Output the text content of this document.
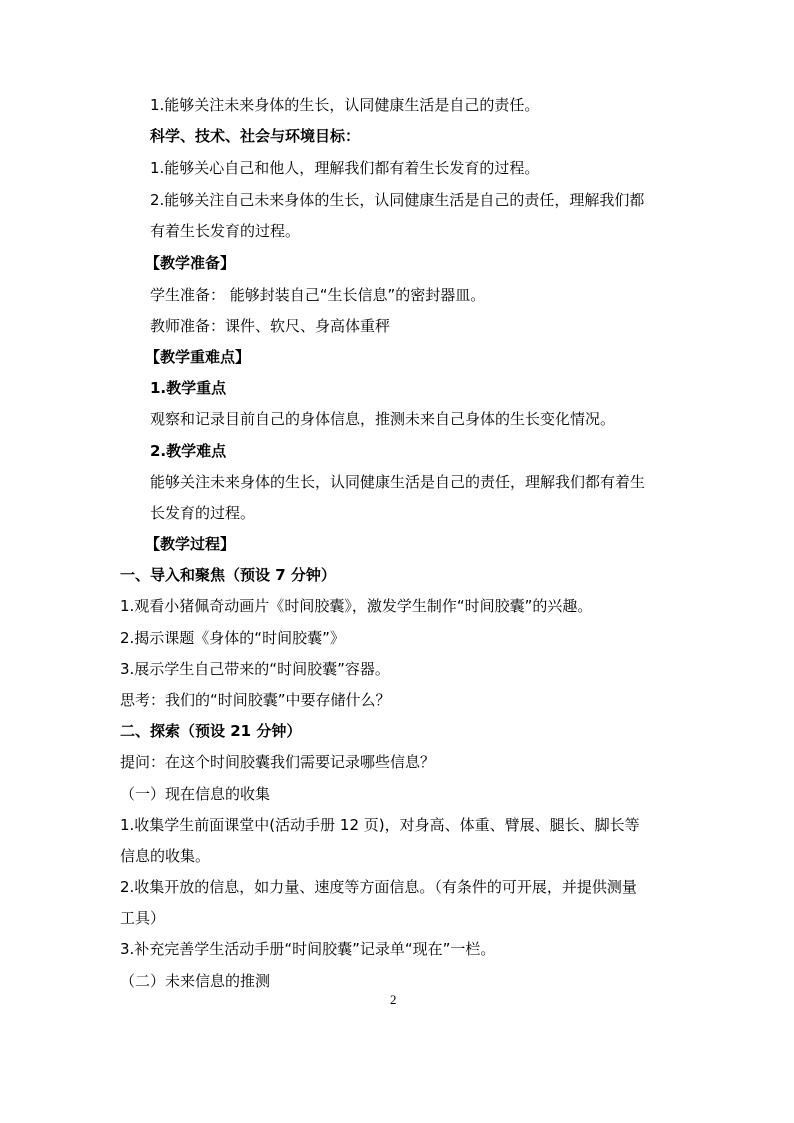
1.能够关注未来身体的生长，认同健康生活是自己的责任。
科学、技术、社会与环境目标：
1.能够关心自己和他人，理解我们都有着生长发育的过程。
2.能够关注自己未来身体的生长，认同健康生活是自己的责任，理解我们都
有着生长发育的过程。
【教学准备】
学生准备： 能够封装自己“生长信息”的密封器皿。
教师准备：课件、软尺、身高体重秤
【教学重难点】
1.教学重点
观察和记录目前自己的身体信息，推测未来自己身体的生长变化情况。
2.教学难点
能够关注未来身体的生长，认同健康生活是自己的责任，理解我们都有着生
长发育的过程。
【教学过程】
一、导入和聚焦（预设 7 分钟）
1.观看小猪佩奇动画片《时间胶囊》，激发学生制作“时间胶囊”的兴趣。
2.揭示课题《身体的“时间胶囊”》
3.展示学生自己带来的“时间胶囊”容器。
思考：我们的“时间胶囊”中要存储什么？
二、探索（预设 21 分钟）
提问：在这个时间胶囊我们需要记录哪些信息？
（一）现在信息的收集
1.收集学生前面课堂中(活动手册 12 页)，对身高、体重、臂展、腿长、脚长等
信息的收集。
2.收集开放的信息，如力量、速度等方面信息。（有条件的可开展，并提供测量
工具）
3.补充完善学生活动手册“时间胶囊”记录单“现在”一栏。
（二）未来信息的推测
2
